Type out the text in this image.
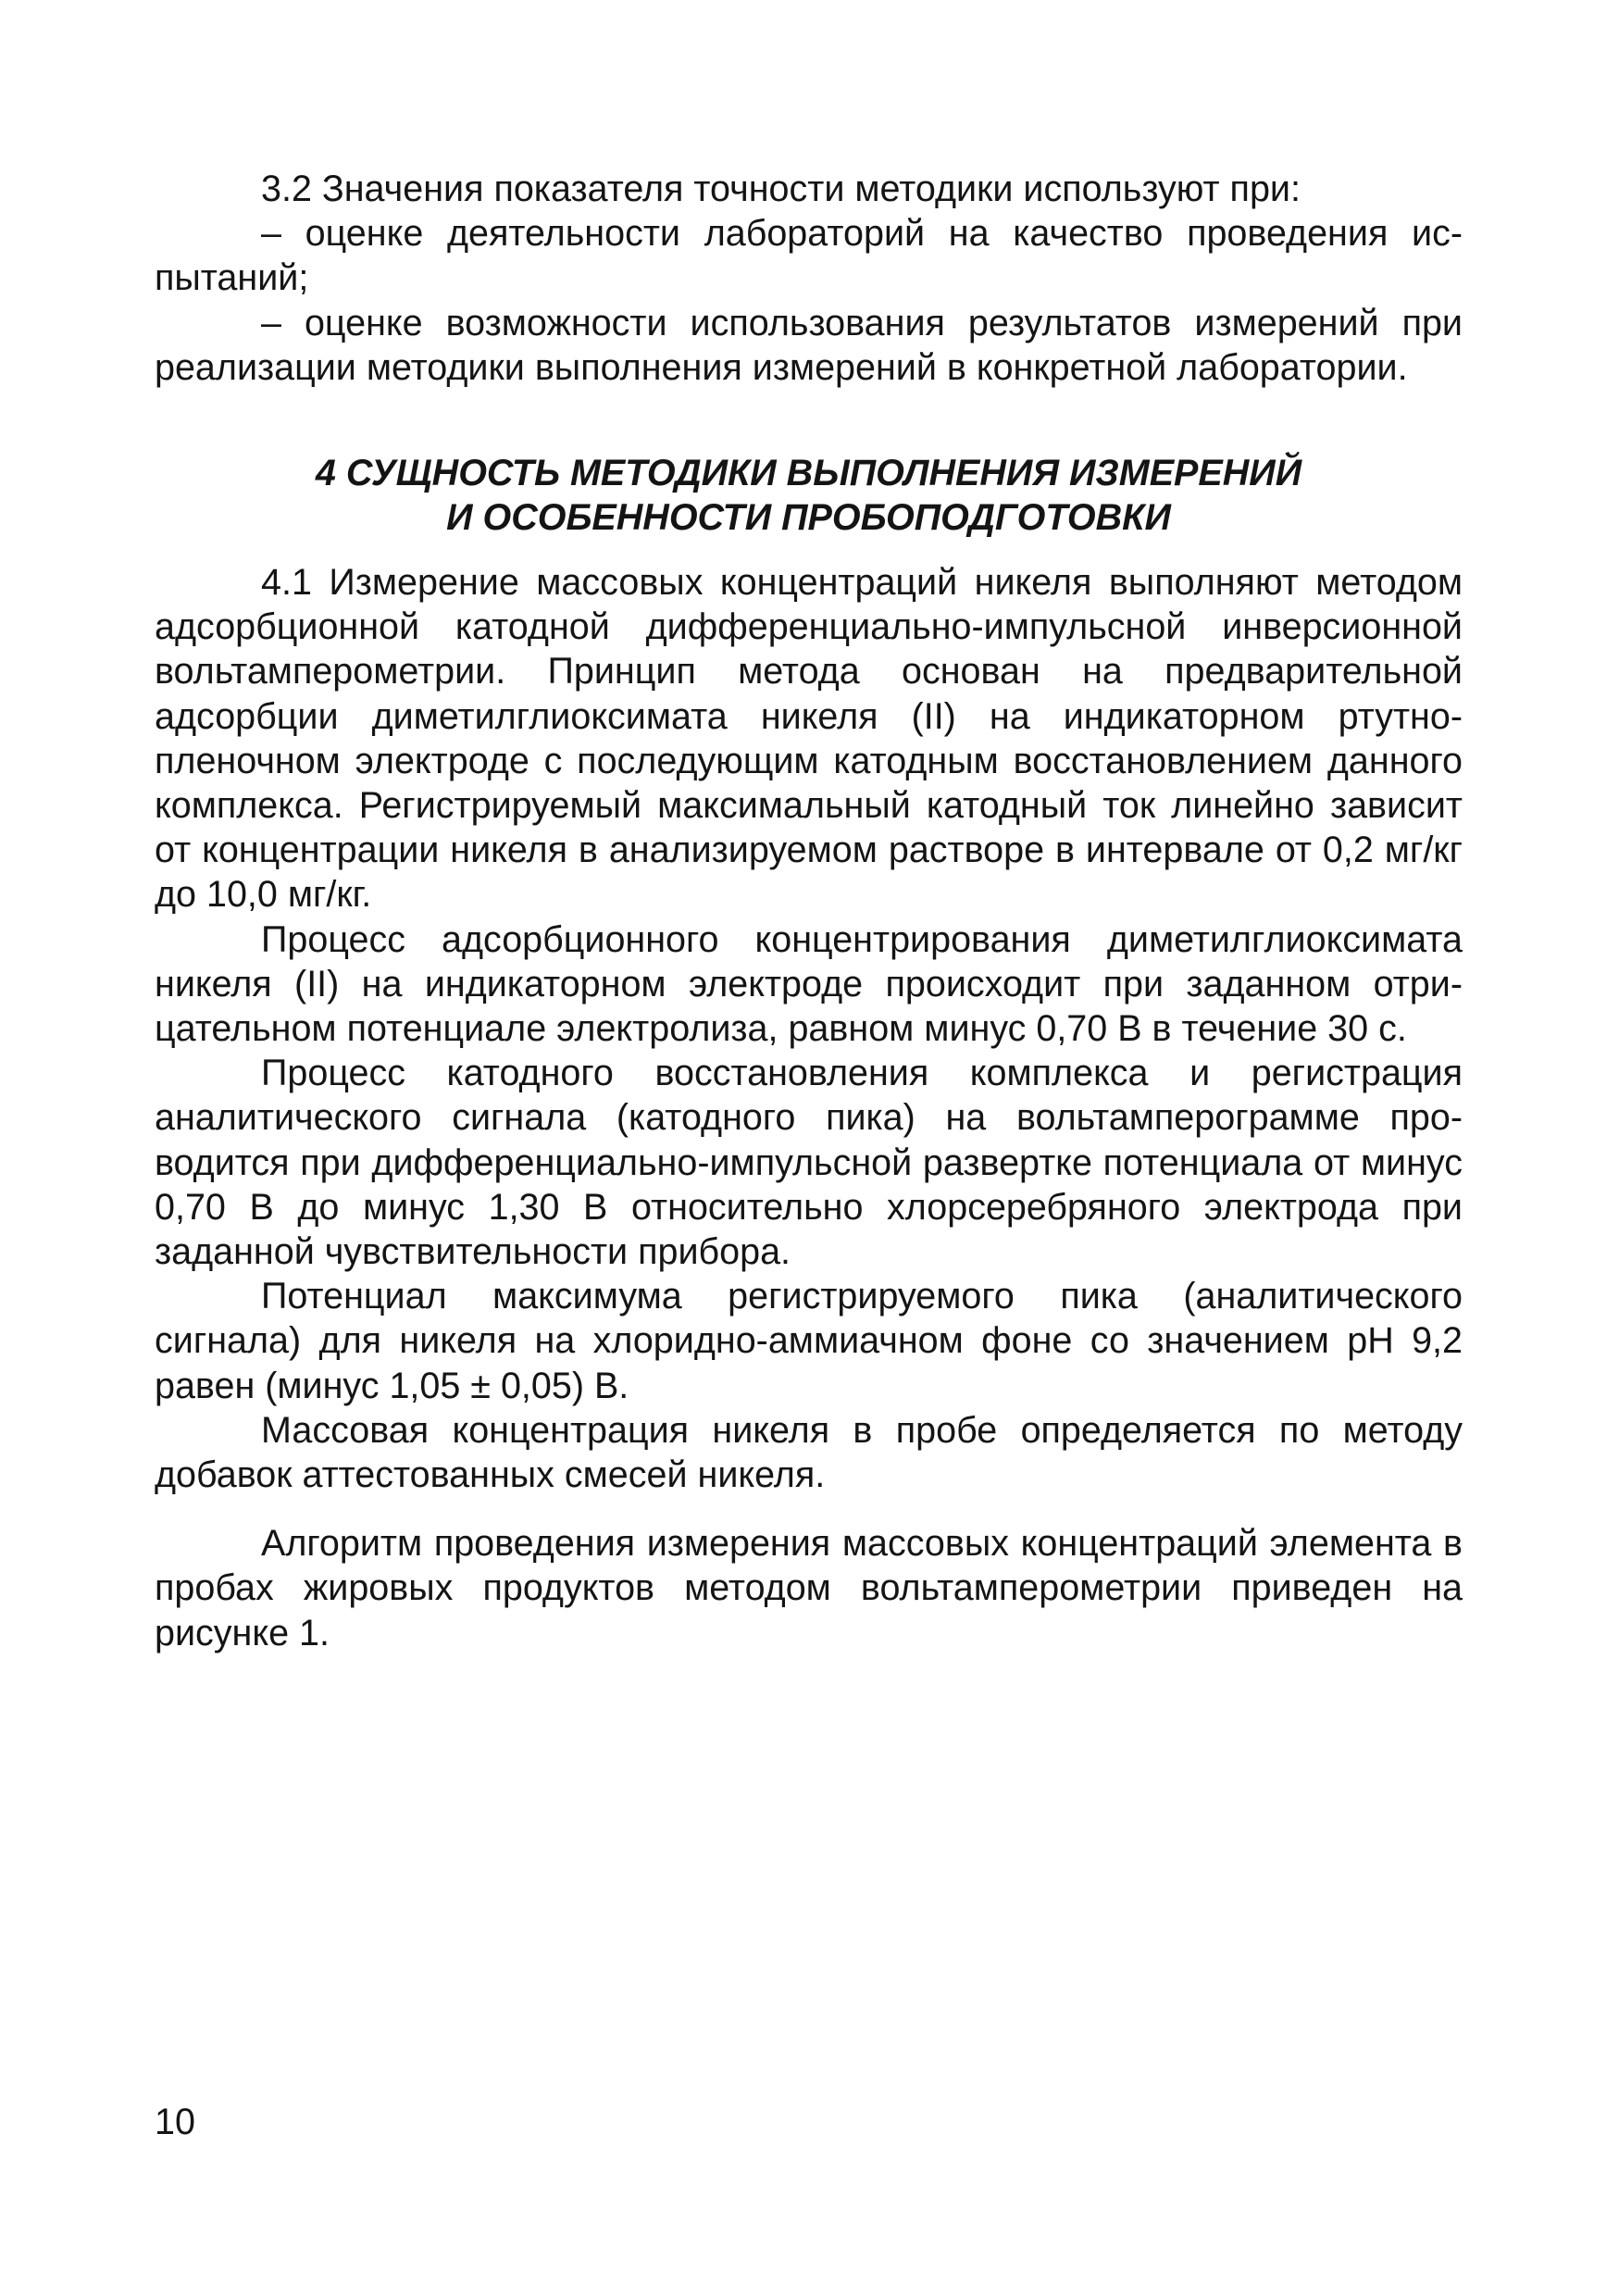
3.2 Значения показателя точности методики используют при:

– оценке деятельности лабораторий на качество проведения испытаний;

– оценке возможности использования результатов измерений при реализации методики выполнения измерений в конкретной лаборатории.

4 СУЩНОСТЬ МЕТОДИКИ ВЫПОЛНЕНИЯ ИЗМЕРЕНИЙ
И ОСОБЕННОСТИ ПРОБОПОДГОТОВКИ

4.1 Измерение массовых концентраций никеля выполняют методом адсорбционной катодной дифференциально-импульсной инверсионной вольтамперометрии. Принцип метода основан на предварительной адсорбции диметилглиоксимата никеля (II) на индикаторном ртутно-пленочном электроде с последующим катодным восстановлением данного комплекса. Регистрируемый максимальный катодный ток линейно зависит от концентрации никеля в анализируемом растворе в интервале от 0,2 мг/кг до 10,0 мг/кг.

Процесс адсорбционного концентрирования диметилглиоксимата никеля (II) на индикаторном электроде происходит при заданном отрицательном потенциале электролиза, равном минус 0,70 В в течение 30 с.

Процесс катодного восстановления комплекса и регистрация аналитического сигнала (катодного пика) на вольтамперограмме проводится при дифференциально-импульсной развертке потенциала от минус 0,70 В до минус 1,30 В относительно хлорсеребряного электрода при заданной чувствительности прибора.

Потенциал максимума регистрируемого пика (аналитического сигнала) для никеля на хлоридно-аммиачном фоне со значением рН 9,2 равен (минус 1,05 ± 0,05) В.

Массовая концентрация никеля в пробе определяется по методу добавок аттестованных смесей никеля.

Алгоритм проведения измерения массовых концентраций элемента в пробах жировых продуктов методом вольтамперометрии приведен на рисунке 1.

10
